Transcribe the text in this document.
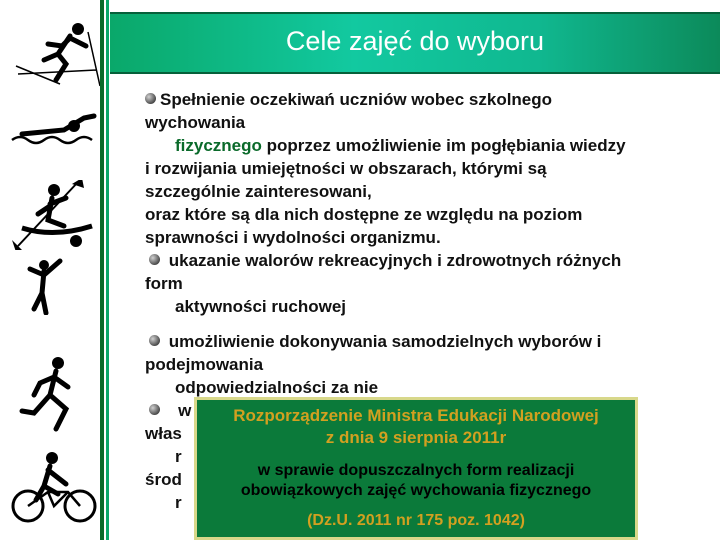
Cele zajęć do wyboru

Spełnienie oczekiwań uczniów wobec szkolnego

wychowania

fizycznego poprzez umożliwienie im pogłębiania wiedzy

i rozwijania umiejętności w obszarach, którymi są

szczególnie zainteresowani,

oraz które są dla nich dostępne ze względu na poziom

sprawności i wydolności organizmu.

ukazanie walorów rekreacyjnych i zdrowotnych różnych

form

aktywności ruchowej

umożliwienie dokonywania samodzielnych wyborów i

podejmowania

odpowiedzialności za nie

w

włas

r

środ

r

Rozporządzenie Ministra Edukacji Narodowej
z dnia 9 sierpnia 2011r
w sprawie dopuszczalnych form realizacji
obowiązkowych zajęć wychowania fizycznego
(Dz.U. 2011 nr 175 poz. 1042)
